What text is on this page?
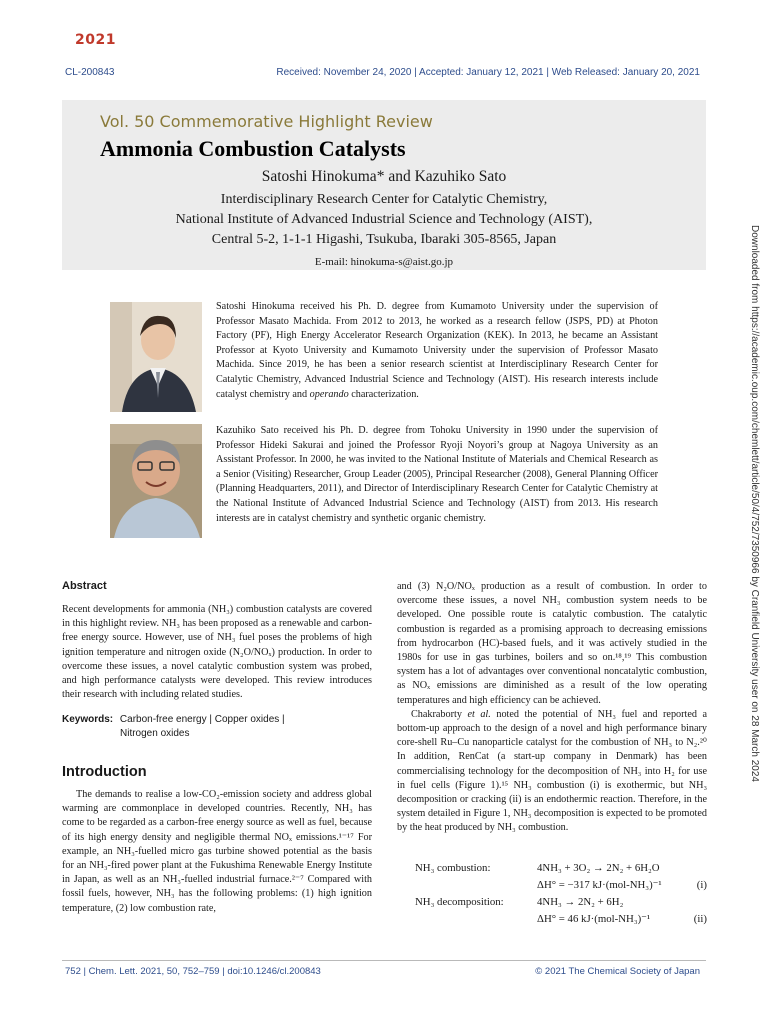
2021
CL-200843	Received: November 24, 2020 | Accepted: January 12, 2021 | Web Released: January 20, 2021
Vol. 50 Commemorative Highlight Review
Ammonia Combustion Catalysts
Satoshi Hinokuma* and Kazuhiko Sato
Interdisciplinary Research Center for Catalytic Chemistry,
National Institute of Advanced Industrial Science and Technology (AIST),
Central 5-2, 1-1-1 Higashi, Tsukuba, Ibaraki 305-8565, Japan
E-mail: hinokuma-s@aist.go.jp
Satoshi Hinokuma received his Ph. D. degree from Kumamoto University under the supervision of Professor Masato Machida. From 2012 to 2013, he worked as a research fellow (JSPS, PD) at Photon Factory (PF), High Energy Accelerator Research Organization (KEK). In 2013, he became an Assistant Professor at Kyoto University and Kumamoto University under the supervision of Professor Masato Machida. Since 2019, he has been a senior research scientist at Interdisciplinary Research Center for Catalytic Chemistry, Advanced Industrial Science and Technology (AIST). His research interests include catalyst chemistry and operando characterization.
Kazuhiko Sato received his Ph. D. degree from Tohoku University in 1990 under the supervision of Professor Hideki Sakurai and joined the Professor Ryoji Noyori’s group at Nagoya University as an Assistant Professor. In 2000, he was invited to the National Institute of Materials and Chemical Research as a Senior (Visiting) Researcher, Group Leader (2005), Principal Researcher (2008), General Planning Officer (Planning Headquarters, 2011), and Director of Interdisciplinary Research Center for Catalytic Chemistry at the National Institute of Advanced Industrial Science and Technology (AIST) from 2013. His research interests are in catalyst chemistry and synthetic organic chemistry.
Abstract

Recent developments for ammonia (NH₃) combustion catalysts are covered in this highlight review. NH₃ has been proposed as a renewable and carbon-free energy source. However, use of NH₃ fuel poses the problems of high ignition temperature and nitrogen oxide (N₂O/NOₓ) production. In order to overcome these issues, a novel catalytic combustion system was probed, and high performance catalysts were developed. This review introduces their research with including related studies.

Keywords: Carbon-free energy | Copper oxides |
Nitrogen oxides
Introduction

The demands to realise a low-CO₂-emission society and address global warming are commonplace in developed countries. Recently, NH₃ has come to be regarded as a carbon-free energy source as well as fuel, because of its high energy density and negligible thermal NOₓ emissions.¹⁻¹⁷ For example, an NH₃-fuelled micro gas turbine showed potential as the basis for an NH₃-fired power plant at the Fukushima Renewable Energy Institute in Japan, as well as an NH₃-fuelled industrial furnace.²⁻⁷ Compared with fossil fuels, however, NH₃ has the following problems: (1) high ignition temperature, (2) low combustion rate,

and (3) N₂O/NOₓ production as a result of combustion. In order to overcome these issues, a novel NH₃ combustion system needs to be developed. One possible route is catalytic combustion. The catalytic combustion is regarded as a promising approach to decreasing emissions from hydrocarbon (HC)-based fuels, and it was actively studied in the 1980s for use in gas turbines, boilers and so on.¹⁸,¹⁹ This combustion system has a lot of advantages over conventional noncatalytic combustion, as NOₓ emissions are diminished as a result of the low operating temperatures and high efficiency can be achieved.

Chakraborty et al. noted the potential of NH₃ fuel and reported a bottom-up approach to the design of a novel and high performance binary core-shell Ru–Cu nanoparticle catalyst for the combustion of NH₃ to N₂.²⁰ In addition, RenCat (a start-up company in Denmark) has been commercialising technology for the decomposition of NH₃ into H₂ for use in fuel cells (Figure 1).¹⁵ NH₃ combustion (i) is exothermic, but NH₃ decomposition or cracking (ii) is an endothermic reaction. Therefore, in the system detailed in Figure 1, NH₃ decomposition is expected to be promoted by the heat produced by NH₃ combustion.

NH₃ combustion:	4NH₃ + 3O₂ → 2N₂ + 6H₂O
ΔH° = −317 kJ·(mol-NH₃)⁻¹	(i)
NH₃ decomposition:	4NH₃ → 2N₂ + 6H₂
ΔH° = 46 kJ·(mol-NH₃)⁻¹	(ii)
752 | Chem. Lett. 2021, 50, 752–759 | doi:10.1246/cl.200843	© 2021 The Chemical Society of Japan
Downloaded from https://academic.oup.com/chemlett/article/50/4/752/7350966 by Cranfield University user on 28 March 2024
